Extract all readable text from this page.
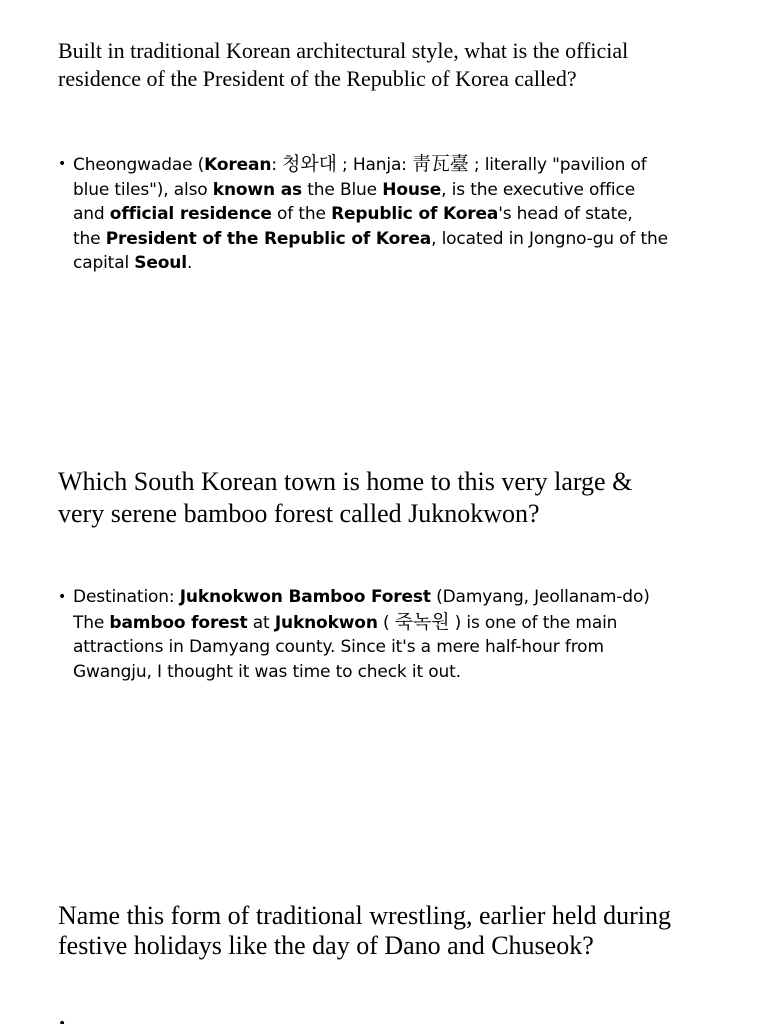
Built in traditional Korean architectural style, what is the official
residence of the President of the Republic of Korea called?
• Cheongwadae (Korean: 청와대 ; Hanja: 靑瓦臺 ; literally "pavilion of
blue tiles"), also known as the Blue House, is the executive office
and official residence of the Republic of Korea's head of state,
the President of the Republic of Korea, located in Jongno-gu of the
capital Seoul.
Which South Korean town is home to this very large &
very serene bamboo forest called Juknokwon?
• Destination: Juknokwon Bamboo Forest (Damyang, Jeollanam-do)
The bamboo forest at Juknokwon ( 죽녹원 ) is one of the main
attractions in Damyang county. Since it's a mere half-hour from
Gwangju, I thought it was time to check it out.
Name this form of traditional wrestling, earlier held during
festive holidays like the day of Dano and Chuseok?
•
